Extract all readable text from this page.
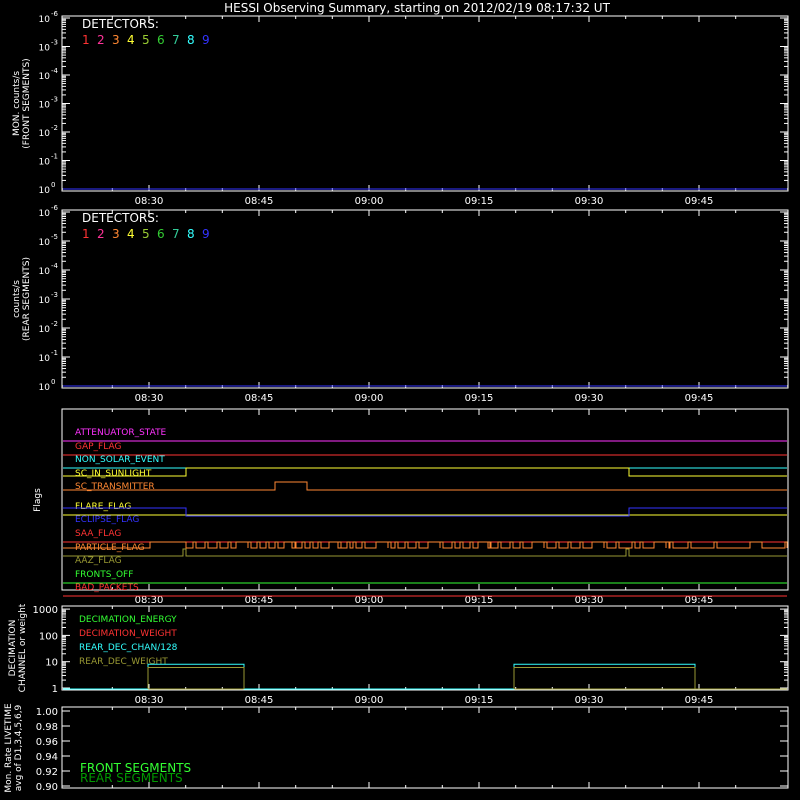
HESSI Observing Summary, starting on 2012/02/19 08:17:32 UT
08:30	08:45	09:00	09:15	09:30	09:45
08:30	08:45	09:00	09:15	09:30	09:45
08:30	08:45	09:00	09:15	09:30	09:45
08:30	08:45	09:00	09:15	09:30	09:45
10
0
10
-1
10
-2
10
-3
10
-4
10
-3
10
-6
DETECTORS:
1 2 3 4 5 6 7 8 9
MON. counts/s (FRONT SEGMENTS)
10
0
10
-1
10
-2
10
-3
10
-4
10
-5
10
-6
DETECTORS:
1 2 3 4 5 6 7 8 9
counts/s (REAR SEGMENTS)
Flags
ATTENUATOR_STATE
GAP_FLAG
NON_SOLAR_EVENT
SC_IN_SUNLIGHT
SC_TRANSMITTER
FLARE_FLAG
ECLIPSE_FLAG
SAA_FLAG
PARTICLE_FLAG
AAZ_FLAG
FRONTS_OFF
BAD_PACKETS
1
10
100
1000
DECIMATION CHANNEL or weight	DECIMATION_ENERGY
DECIMATION_WEIGHT
REAR_DEC_CHAN/128
REAR_DEC_WEIGHT
0.90
0.92
0.94
0.96
0.98
1.00
Mon. Rate LIVETIME avg of D1,3,4,5,6,9	FRONT SEGMENTS
REAR SEGMENTS
